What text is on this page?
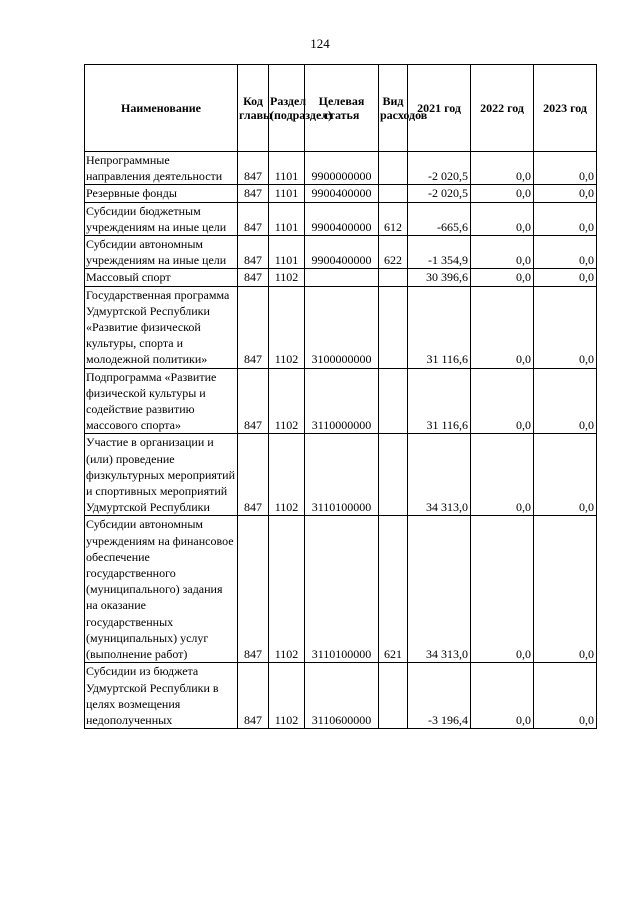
124
Наименование	Код главы	Раздел (подраздел)	Целевая статья	Вид расходов	2021 год	2022 год	2023 год
Непрограммные направления деятельности	847	1101	9900000000		-2 020,5	0,0	0,0
Резервные фонды	847	1101	9900400000		-2 020,5	0,0	0,0
Субсидии бюджетным учреждениям на иные цели	847	1101	9900400000	612	-665,6	0,0	0,0
Субсидии автономным учреждениям на иные цели	847	1101	9900400000	622	-1 354,9	0,0	0,0
Массовый спорт	847	1102			30 396,6	0,0	0,0
Государственная программа Удмуртской Республики «Развитие физической культуры, спорта и молодежной политики»	847	1102	3100000000		31 116,6	0,0	0,0
Подпрограмма «Развитие физической культуры и содействие развитию массового спорта»	847	1102	3110000000		31 116,6	0,0	0,0
Участие в организации и (или) проведение физкультурных мероприятий и спортивных мероприятий Удмуртской Республики	847	1102	3110100000		34 313,0	0,0	0,0
Субсидии автономным учреждениям на финансовое обеспечение государственного (муниципального) задания на оказание государственных (муниципальных) услуг (выполнение работ)	847	1102	3110100000	621	34 313,0	0,0	0,0
Субсидии из бюджета Удмуртской Республики в целях возмещения недополученных	847	1102	3110600000		-3 196,4	0,0	0,0
